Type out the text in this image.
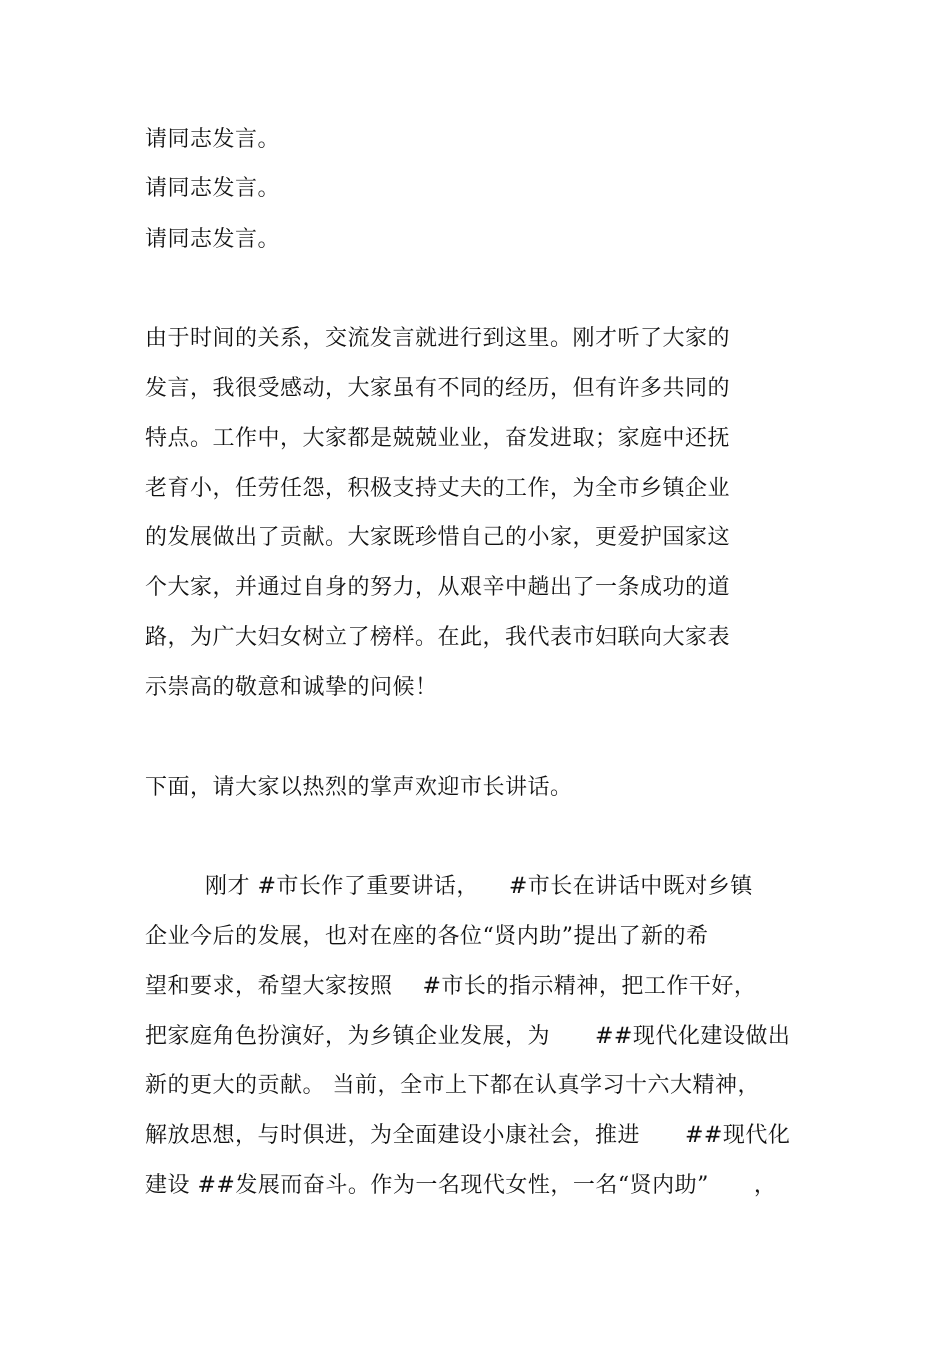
请同志发言。
请同志发言。
请同志发言。
由于时间的关系，交流发言就进行到这里。刚才听了大家的
发言，我很受感动，大家虽有不同的经历，但有许多共同的
特点。工作中，大家都是兢兢业业，奋发进取；家庭中还抚
老育小，任劳任怨，积极支持丈夫的工作，为全市乡镇企业
的发展做出了贡献。大家既珍惜自己的小家，更爱护国家这
个大家，并通过自身的努力，从艰辛中趟出了一条成功的道
路，为广大妇女树立了榜样。在此，我代表市妇联向大家表
示崇高的敬意和诚挚的问候！
下面，请大家以热烈的掌声欢迎市长讲话。
刚才 #市长作了重要讲话，    #市长在讲话中既对乡镇
企业今后的发展，也对在座的各位“贤内助”提出了新的希
望和要求，希望大家按照    #市长的指示精神，把工作干好，
把家庭角色扮演好，为乡镇企业发展，为      ##现代化建设做出
新的更大的贡献。 当前，全市上下都在认真学习十六大精神，
解放思想，与时俱进，为全面建设小康社会，推进      ##现代化
建设 ##发展而奋斗。作为一名现代女性，一名“贤内助”      ，
